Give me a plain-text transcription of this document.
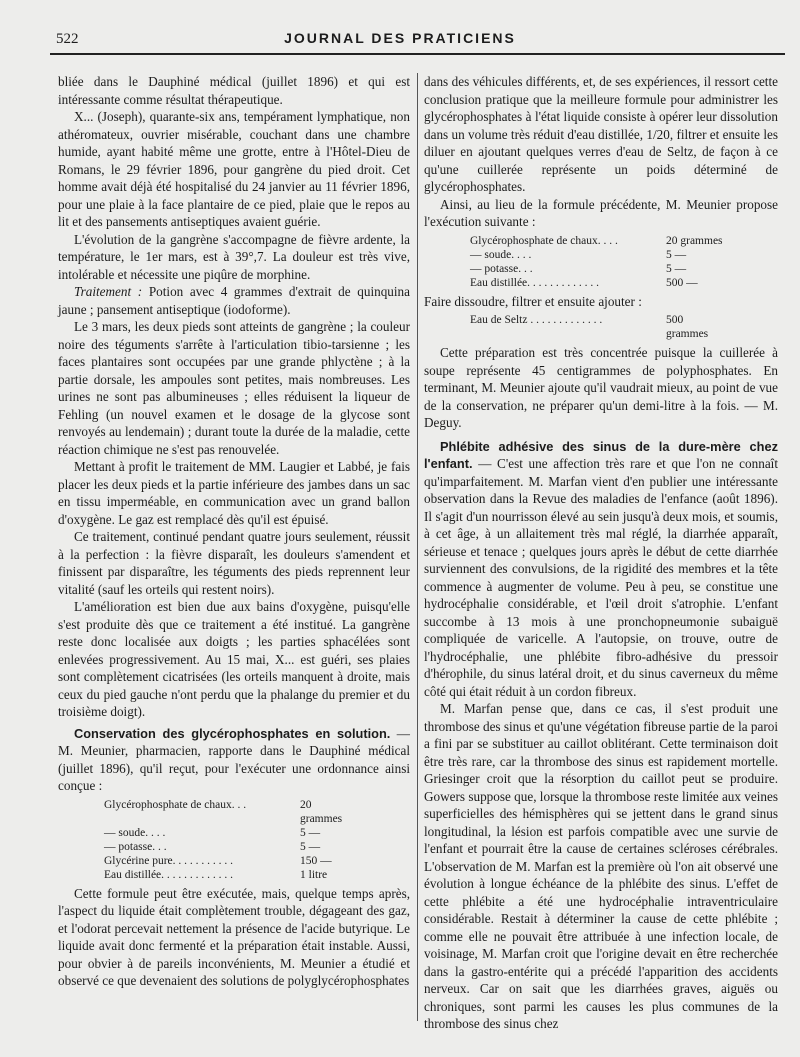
522	JOURNAL DES PRATICIENS

bliée dans le Dauphiné médical (juillet 1896) et qui est intéressante comme résultat thérapeutique.

X... (Joseph), quarante-six ans, tempérament lymphatique, non athéromateux, ouvrier misérable, couchant dans une chambre humide, ayant habité même une grotte, entre à l'Hôtel-Dieu de Romans, le 29 février 1896, pour gangrène du pied droit. Cet homme avait déjà été hospitalisé du 24 janvier au 11 février 1896, pour une plaie à la face plantaire de ce pied, plaie que le repos au lit et des pansements antiseptiques avaient guérie.

L'évolution de la gangrène s'accompagne de fièvre ardente, la température, le 1er mars, est à 39°,7. La douleur est très vive, intolérable et nécessite une piqûre de morphine.

Traitement : Potion avec 4 grammes d'extrait de quinquina jaune ; pansement antiseptique (iodoforme).

Le 3 mars, les deux pieds sont atteints de gangrène ; la couleur noire des téguments s'arrête à l'articulation tibio-tarsienne ; les faces plantaires sont occupées par une grande phlyctène ; à la partie dorsale, les ampoules sont petites, mais nombreuses. Les urines ne sont pas albumineuses ; elles réduisent la liqueur de Fehling (un nouvel examen et le dosage de la glycose sont renvoyés au lendemain) ; durant toute la durée de la maladie, cette réaction chimique ne s'est pas renouvelée.

Mettant à profit le traitement de MM. Laugier et Labbé, je fais placer les deux pieds et la partie inférieure des jambes dans un sac en tissu imperméable, en communication avec un grand ballon d'oxygène. Le gaz est remplacé dès qu'il est épuisé.

Ce traitement, continué pendant quatre jours seulement, réussit à la perfection : la fièvre disparaît, les douleurs s'amendent et finissent par disparaître, les téguments des pieds reprennent leur vitalité (sauf les orteils qui restent noirs).

L'amélioration est bien due aux bains d'oxygène, puisqu'elle s'est produite dès que ce traitement a été institué. La gangrène reste donc localisée aux doigts ; les parties sphacélées sont enlevées progressivement. Au 15 mai, X... est guéri, ses plaies sont complètement cicatrisées (les orteils manquent à droite, mais ceux du pied gauche n'ont perdu que la phalange du premier et du troisième doigt).

Conservation des glycérophosphates en solution. — M. Meunier, pharmacien, rapporte dans le Dauphiné médical (juillet 1896), qu'il reçut, pour l'exécuter une ordonnance ainsi conçue :

Glycérophosphate de chaux. . .	20 grammes
— soude. . . .	5 —
— potasse. . .	5 —
Glycérine pure. . . . . . . . . . .	150 —
Eau distillée. . . . . . . . . . . . .	1 litre

Cette formule peut être exécutée, mais, quelque temps après, l'aspect du liquide était complètement trouble, dégageant des gaz, et l'odorat percevait nettement la présence de l'acide butyrique. Le liquide avait donc fermenté et la préparation était instable. Aussi, pour obvier à de pareils inconvénients, M. Meunier a étudié et observé ce que devenaient des solutions de polyglycérophosphates

dans des véhicules différents, et, de ses expériences, il ressort cette conclusion pratique que la meilleure formule pour administrer les glycérophosphates à l'état liquide consiste à opérer leur dissolution dans un volume très réduit d'eau distillée, 1/20, filtrer et ensuite les diluer en ajoutant quelques verres d'eau de Seltz, de façon à ce qu'une cuillerée représente un poids déterminé de glycérophosphates.

Ainsi, au lieu de la formule précédente, M. Meunier propose l'exécution suivante :

Glycérophosphate de chaux. . . .	20 grammes
— soude. . . .	5 —
— potasse. . .	5 —
Eau distillée. . . . . . . . . . . . .	500 —

Faire dissoudre, filtrer et ensuite ajouter :

Eau de Seltz . . . . . . . . . . . . .	500 grammes

Cette préparation est très concentrée puisque la cuillerée à soupe représente 45 centigrammes de polyphosphates. En terminant, M. Meunier ajoute qu'il vaudrait mieux, au point de vue de la conservation, ne préparer qu'un demi-litre à la fois. — M. Deguy.

Phlébite adhésive des sinus de la dure-mère chez l'enfant. — C'est une affection très rare et que l'on ne connaît qu'imparfaitement. M. Marfan vient d'en publier une intéressante observation dans la Revue des maladies de l'enfance (août 1896). Il s'agit d'un nourrisson élevé au sein jusqu'à deux mois, et soumis, à cet âge, à un allaitement très mal réglé, la diarrhée apparaît, sérieuse et tenace ; quelques jours après le début de cette diarrhée surviennent des convulsions, de la rigidité des membres et la tête commence à augmenter de volume. Peu à peu, se constitue une hydrocéphalie considérable, et l'œil droit s'atrophie. L'enfant succombe à 13 mois à une pronchopneumonie subaiguë compliquée de varicelle. A l'autopsie, on trouve, outre de l'hydrocéphalie, une phlébite fibro-adhésive du pressoir d'hérophile, du sinus latéral droit, et du sinus caverneux du même côté qui était réduit à un cordon fibreux.

M. Marfan pense que, dans ce cas, il s'est produit une thrombose des sinus et qu'une végétation fibreuse partie de la paroi a fini par se substituer au caillot oblitérant. Cette terminaison doit être très rare, car la thrombose des sinus est rapidement mortelle. Griesinger croit que la résorption du caillot peut se produire. Gowers suppose que, lorsque la thrombose reste limitée aux veines superficielles des hémisphères qui se jettent dans le grand sinus longitudinal, la lésion est parfois compatible avec une survie de l'enfant et pourrait être la cause de certaines scléroses cérébrales. L'observation de M. Marfan est la première où l'on ait observé une évolution à longue échéance de la phlébite des sinus. L'effet de cette phlébite a été une hydrocéphalie intraventriculaire considérable. Restait à déterminer la cause de cette phlébite ; comme elle ne pouvait être attribuée à une infection locale, de voisinage, M. Marfan croit que l'origine devait en être recherchée dans la gastro-entérite qui a précédé l'apparition des accidents nerveux. Car on sait que les diarrhées graves, aiguës ou chroniques, sont parmi les causes les plus communes de la thrombose des sinus chez
